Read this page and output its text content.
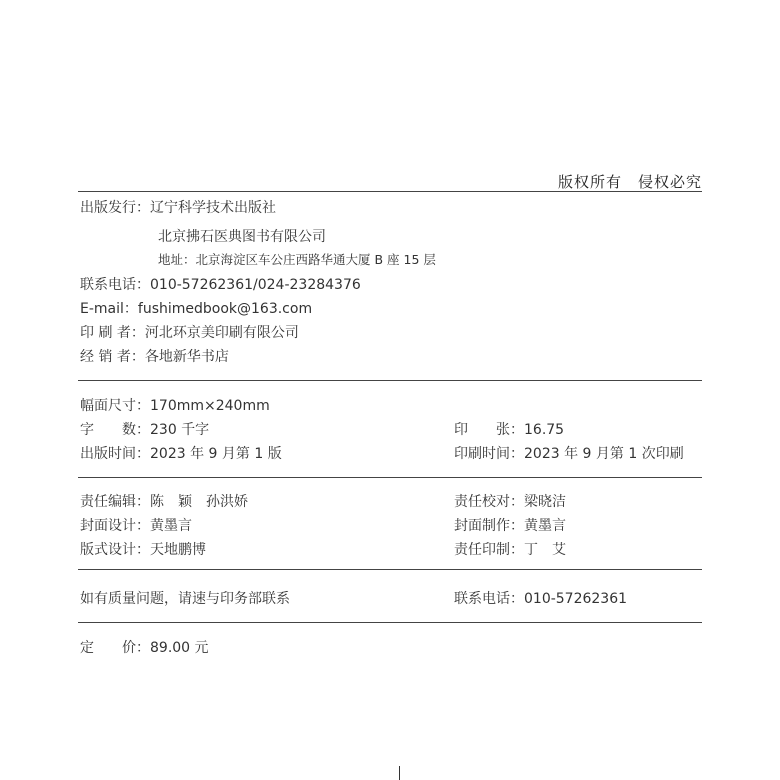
版权所有　侵权必究
出版发行：辽宁科学技术出版社
北京拂石医典图书有限公司
地址：北京海淀区车公庄西路华通大厦 B 座 15 层
联系电话：010-57262361/024-23284376
E-mail：fushimedbook@163.com
印 刷 者：河北环京美印刷有限公司
经 销 者：各地新华书店
幅面尺寸：170mm×240mm
字　　数：230 千字	印　　张：16.75
出版时间：2023 年 9 月第 1 版	印刷时间：2023 年 9 月第 1 次印刷
责任编辑：陈　颖　孙洪娇	责任校对：梁晓洁
封面设计：黄墨言	封面制作：黄墨言
版式设计：天地鹏博	责任印制：丁　艾
如有质量问题，请速与印务部联系	联系电话：010-57262361
定　　价：89.00 元
